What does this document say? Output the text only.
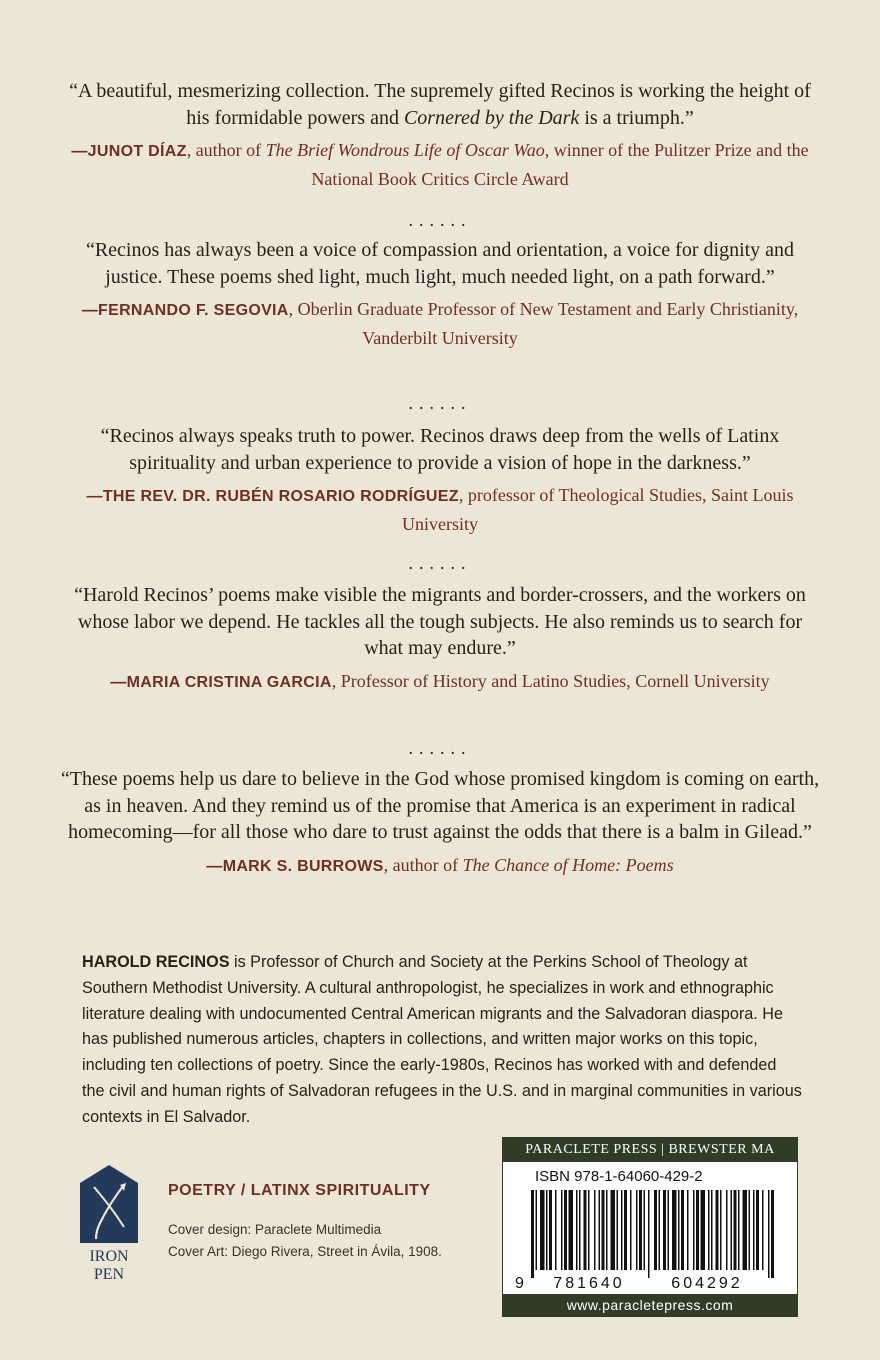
“A beautiful, mesmerizing collection. The supremely gifted Recinos is working the height of his formidable powers and Cornered by the Dark is a triumph.”

—JUNOT DÍAZ, author of The Brief Wondrous Life of Oscar Wao, winner of the Pulitzer Prize and the National Book Critics Circle Award

......

“Recinos has always been a voice of compassion and orientation, a voice for dignity and justice. These poems shed light, much light, much needed light, on a path forward.”

—FERNANDO F. SEGOVIA, Oberlin Graduate Professor of New Testament and Early Christianity, Vanderbilt University

......

“Recinos always speaks truth to power. Recinos draws deep from the wells of Latinx spirituality and urban experience to provide a vision of hope in the darkness.”

—THE REV. DR. RUBÉN ROSARIO RODRÍGUEZ, professor of Theological Studies, Saint Louis University

......

“Harold Recinos’ poems make visible the migrants and border-crossers, and the workers on whose labor we depend. He tackles all the tough subjects. He also reminds us to search for what may endure.”

—MARIA CRISTINA GARCIA, Professor of History and Latino Studies, Cornell University

......

“These poems help us dare to believe in the God whose promised kingdom is coming on earth, as in heaven. And they remind us of the promise that America is an experiment in radical homecoming—for all those who dare to trust against the odds that there is a balm in Gilead.”

—MARK S. BURROWS, author of The Chance of Home: Poems

HAROLD RECINOS is Professor of Church and Society at the Perkins School of Theology at Southern Methodist University. A cultural anthropologist, he specializes in work and ethnographic literature dealing with undocumented Central American migrants and the Salvadoran diaspora. He has published numerous articles, chapters in collections, and written major works on this topic, including ten collections of poetry. Since the early-1980s, Recinos has worked with and defended the civil and human rights of Salvadoran refugees in the U.S. and in marginal communities in various contexts in El Salvador.

IRON
PEN
POETRY / LATINX SPIRITUALITY
Cover design: Paraclete Multimedia
Cover Art: Diego Rivera, Street in Ávila, 1908.
PARACLETE PRESS | BREWSTER MA
ISBN 978-1-64060-429-2
9 781640	604292
www.paracletepress.com
